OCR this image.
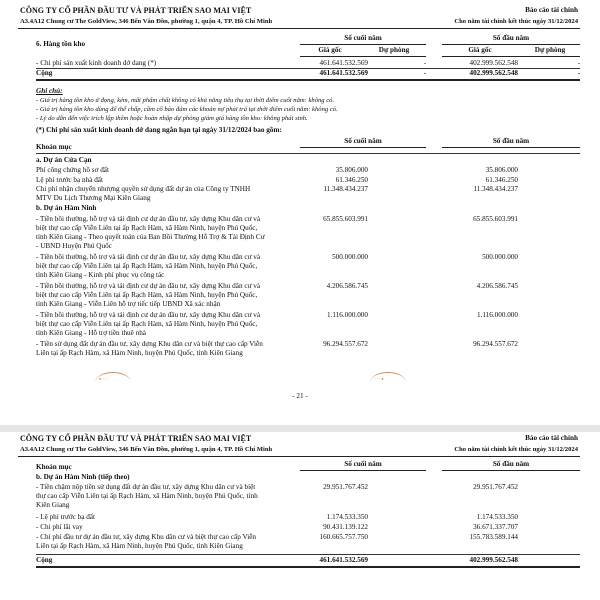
CÔNG TY CỔ PHẦN ĐẦU TƯ VÀ PHÁT TRIỂN SAO MAI VIỆT
A3.4A12 Chung cư The GoldView, 346 Bến Vân Đồn, phường 1, quận 4, TP. Hồ Chí Minh
Báo cáo tài chính
Cho năm tài chính kết thúc ngày 31/12/2024
6. Hàng tồn kho
Số cuối năm	Số đầu năm
Giá gốc	Dự phòng	Giá gốc	Dự phòng
- Chi phí sản xuất kinh doanh dở dang (*)	461.641.532.569	-	402.999.562.548	-
Cộng	461.641.532.569	-	402.999.562.548	-
Ghi chú:
- Giá trị hàng tồn kho ứ đọng, kém, mất phẩm chất không có khả năng tiêu thụ tại thời điểm cuối năm: không có.
- Giá trị hàng tồn kho dùng để thế chấp, cầm cố bảo đảm các khoản nợ phải trả tại thời điểm cuối năm: không có.
- Lý do dẫn đến việc trích lập thêm hoặc hoàn nhập dự phòng giảm giá hàng tồn kho: không phát sinh.
(*) Chi phí sản xuất kinh doanh dở dang ngắn hạn tại ngày 31/12/2024 bao gồm:
Khoản mục
Số cuối năm	Số đầu năm
a. Dự án Cửa Cạn
Phí công chứng hồ sơ đất	35.806.000	35.806.000
Lệ phí trước bạ nhà đất	61.346.250	61.346.250
Chi phí nhận chuyển nhượng quyền sử dụng đất dự án của Công ty TNHH
MTV Du Lịch Thương Mại Kiên Giang
11.348.434.237	11.348.434.237
b. Dự án Hàm Ninh
- Tiền bồi thường, hỗ trợ và tái định cư dự án đầu tư, xây dựng Khu dân cư và
biệt thự cao cấp Viễn Liên tại ấp Rạch Hàm, xã Hàm Ninh, huyện Phú Quốc,
tỉnh Kiên Giang - Theo quyết toán của Ban Bồi Thường Hỗ Trợ & Tái Định Cư
- UBND Huyện Phú Quốc
65.855.603.991	65.855.603.991
- Tiền bồi thường, hỗ trợ và tái định cư dự án đầu tư, xây dựng Khu dân cư và
biệt thự cao cấp Viễn Liên tại ấp Rạch Hàm, xã Hàm Ninh, huyện Phú Quốc,
tỉnh Kiên Giang - Kinh phí phục vụ công tác
500.000.000	500.000.000
- Tiền bồi thường, hỗ trợ và tái định cư dự án đầu tư, xây dựng Khu dân cư và
biệt thự cao cấp Viễn Liên tại ấp Rạch Hàm, xã Hàm Ninh, huyện Phú Quốc,
tỉnh Kiên Giang - Viễn Liên hỗ trợ tiếc tiếp UBND Xã xác nhận
4.206.586.745	4.206.586.745
- Tiền bồi thường, hỗ trợ và tái định cư dự án đầu tư, xây dựng Khu dân cư và
biệt thự cao cấp Viễn Liên tại ấp Rạch Hàm, xã Hàm Ninh, huyện Phú Quốc,
tỉnh Kiên Giang - Hỗ trợ tiền thuê nhà
1.116.000.000	1.116.000.000
- Tiền sử dụng đất dự án đầu tư, xây dựng Khu dân cư và biệt thự cao cấp Viễn
Liên tại ấp Rạch Hàm, xã Hàm Ninh, huyện Phú Quốc, tỉnh Kiên Giang
96.294.557.672	96.294.557.672
● ◦ ◦ ◦	◦ ◦ ◦ ●
- 21 -
CÔNG TY CỔ PHẦN ĐẦU TƯ VÀ PHÁT TRIỂN SAO MAI VIỆT
A3.4A12 Chung cư The GoldView, 346 Bến Vân Đồn, phường 1, quận 4, TP. Hồ Chí Minh
Báo cáo tài chính
Cho năm tài chính kết thúc ngày 31/12/2024
Khoản mục	Số cuối năm	Số đầu năm
b. Dự án Hàm Ninh (tiếp theo)
- Tiền chậm nộp tiền sử dụng đất dự án đầu tư, xây dựng Khu dân cư và biệt
thự cao cấp Viễn Liên tại ấp Rạch Hàm, xã Hàm Ninh, huyện Phú Quốc, tỉnh
Kiên Giang
29.951.767.452	29.951.767.452
- Lệ phí trước bạ đất	1.174.533.350	1.174.533.350
- Chi phí lãi vay	90.431.139.122	36.671.337.707
- Chi phí đầu tư dự án đầu tư, xây dựng Khu dân cư và biệt thự cao cấp Viễn
Liên tại ấp Rạch Hàm, xã Hàm Ninh, huyện Phú Quốc, tỉnh Kiên Giang
160.665.757.750	155.783.589.144
Cộng	461.641.532.569	402.999.562.548
